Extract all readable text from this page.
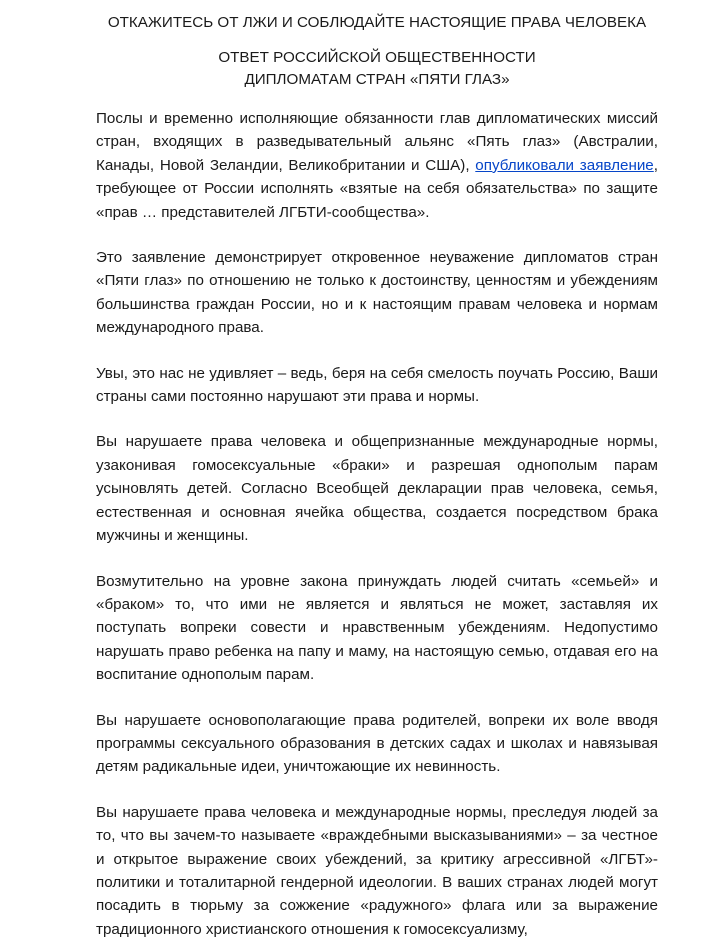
ОТКАЖИТЕСЬ ОТ ЛЖИ И СОБЛЮДАЙТЕ НАСТОЯЩИЕ ПРАВА ЧЕЛОВЕКА
ОТВЕТ РОССИЙСКОЙ ОБЩЕСТВЕННОСТИ
ДИПЛОМАТАМ СТРАН «ПЯТИ ГЛАЗ»

Послы и временно исполняющие обязанности глав дипломатических миссий стран, входящих в разведывательный альянс «Пять глаз» (Австралии, Канады, Новой Зеландии, Великобритании и США), опубликовали заявление, требующее от России исполнять «взятые на себя обязательства» по защите «прав … представителей ЛГБТИ-сообщества».

Это заявление демонстрирует откровенное неуважение дипломатов стран «Пяти глаз» по отношению не только к достоинству, ценностям и убеждениям большинства граждан России, но и к настоящим правам человека и нормам международного права.

Увы, это нас не удивляет – ведь, беря на себя смелость поучать Россию, Ваши страны сами постоянно нарушают эти права и нормы.

Вы нарушаете права человека и общепризнанные международные нормы, узаконивая гомосексуальные «браки» и разрешая однополым парам усыновлять детей. Согласно Всеобщей декларации прав человека, семья, естественная и основная ячейка общества, создается посредством брака мужчины и женщины.

Возмутительно на уровне закона принуждать людей считать «семьей» и «браком» то, что ими не является и являться не может, заставляя их поступать вопреки совести и нравственным убеждениям. Недопустимо нарушать право ребенка на папу и маму, на настоящую семью, отдавая его на воспитание однополым парам.

Вы нарушаете основополагающие права родителей, вопреки их воле вводя программы сексуального образования в детских садах и школах и навязывая детям радикальные идеи, уничтожающие их невинность.

Вы нарушаете права человека и международные нормы, преследуя людей за то, что вы зачем-то называете «враждебными высказываниями» – за честное и открытое выражение своих убеждений, за критику агрессивной «ЛГБТ»-политики и тоталитарной гендерной идеологии. В ваших странах людей могут посадить в тюрьму за сожжение «радужного» флага или за выражение традиционного христианского отношения к гомосексуализму,
